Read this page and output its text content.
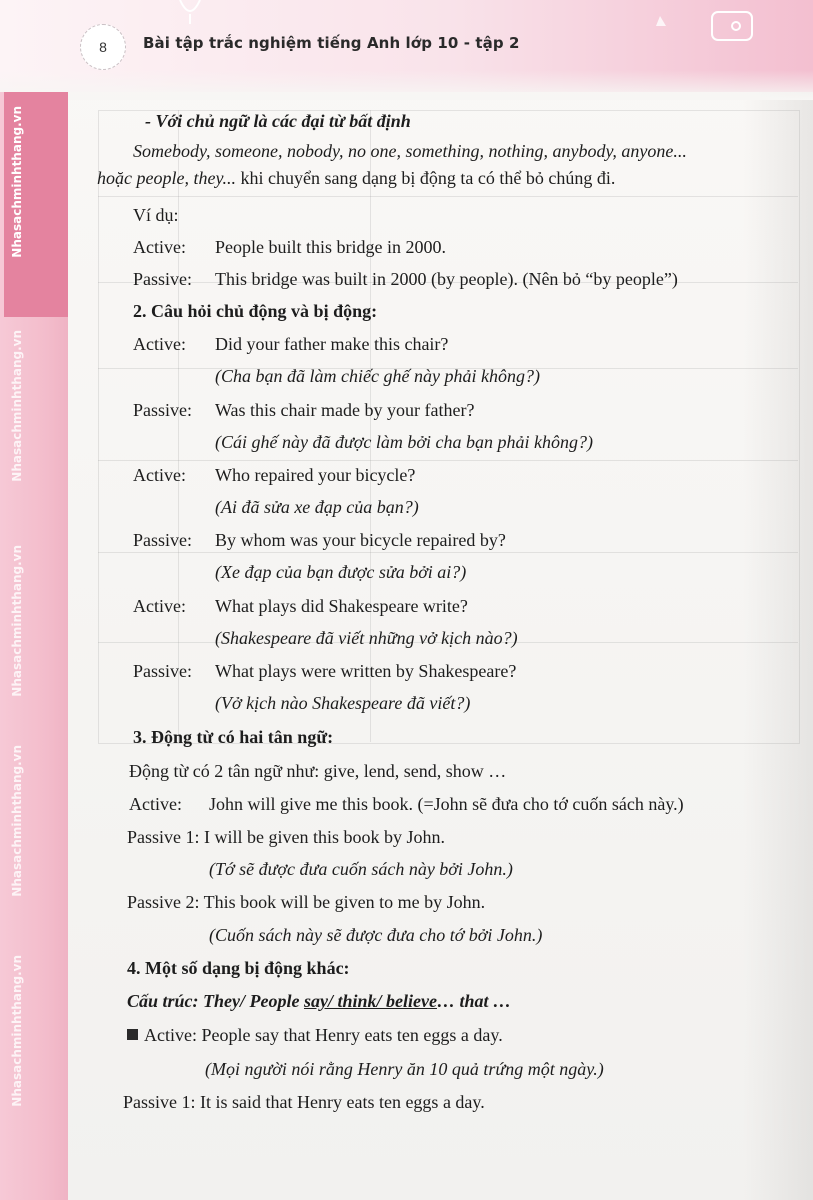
8 Bài tập trắc nghiệm tiếng Anh lớp 10 - tập 2
Nhasachminhthang.vn
Nhasachminhthang.vn
Nhasachminhthang.vn
Nhasachminhthang.vn
Nhasachminhthang.vn
- Với chủ ngữ là các đại từ bất định
Somebody, someone, nobody, no one, something, nothing, anybody, anyone...
hoặc people, they... khi chuyển sang dạng bị động ta có thể bỏ chúng đi.
Ví dụ:
Active: People built this bridge in 2000.
Passive: This bridge was built in 2000 (by people). (Nên bỏ “by people”)
2. Câu hỏi chủ động và bị động:
Active: Did your father make this chair?
(Cha bạn đã làm chiếc ghế này phải không?)
Passive: Was this chair made by your father?
(Cái ghế này đã được làm bởi cha bạn phải không?)
Active: Who repaired your bicycle?
(Ai đã sửa xe đạp của bạn?)
Passive: By whom was your bicycle repaired by?
(Xe đạp của bạn được sửa bởi ai?)
Active: What plays did Shakespeare write?
(Shakespeare đã viết những vở kịch nào?)
Passive: What plays were written by Shakespeare?
(Vở kịch nào Shakespeare đã viết?)
3. Động từ có hai tân ngữ:
Động từ có 2 tân ngữ như: give, lend, send, show …
Active: John will give me this book. (=John sẽ đưa cho tớ cuốn sách này.)
Passive 1: I will be given this book by John.
(Tớ sẽ được đưa cuốn sách này bởi John.)
Passive 2: This book will be given to me by John.
(Cuốn sách này sẽ được đưa cho tớ bởi John.)
4. Một số dạng bị động khác:
Cấu trúc: They/ People say/ think/ believe… that …
Active: People say that Henry eats ten eggs a day.
(Mọi người nói rằng Henry ăn 10 quả trứng một ngày.)
Passive 1: It is said that Henry eats ten eggs a day.
